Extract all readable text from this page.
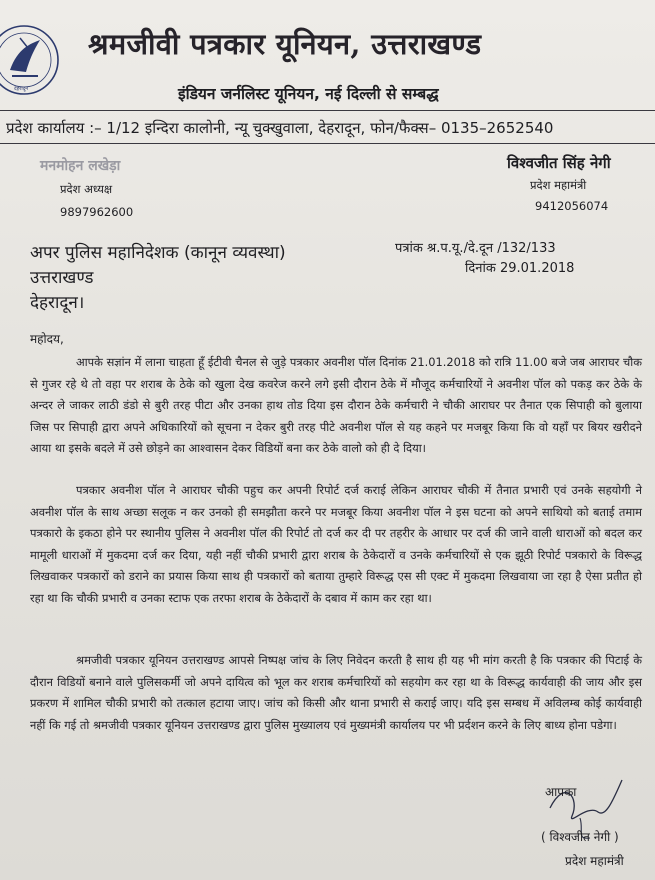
देहरादून
श्रमजीवी पत्रकार यूनियन, उत्तराखण्ड
इंडियन जर्नलिस्ट यूनियन, नई दिल्ली से सम्बद्ध
प्रदेश कार्यालय :– 1/12 इन्दिरा कालोनी, न्यू चुक्खुवाला, देहरादून, फोन/फैक्स– 0135–2652540
मनमोहन लखेड़ा
प्रदेश अध्यक्ष
9897962600
विश्वजीत सिंह नेगी
प्रदेश महामंत्री
9412056074
अपर पुलिस महानिदेशक (कानून व्यवस्था)
उत्तराखण्ड
देहरादून।
पत्रांक श्र.प.यू./दे.दून /132/133
दिनांक 29.01.2018
महोदय,

आपके सज्ञांन में लाना चाहता हूँ ईटीवी चैनल से जुड़े पत्रकार अवनीश पॉल दिनांक 21.01.2018 को रात्रि 11.00 बजे जब आराघर चौक से गुजर रहे थे तो वहा पर शराब के ठेके को खुला देख कवरेज करने लगे इसी दौरान ठेके में मौजूद कर्मचारियों ने अवनीश पॉल को पकड़ कर ठेके के अन्दर ले जाकर लाठी डंडो से बुरी तरह पीटा और उनका हाथ तोड दिया इस दौरान ठेके कर्मचारी ने चौकी आराघर पर तैनात एक सिपाही को बुलाया जिस पर सिपाही द्वारा अपने अधिकारियों को सूचना न देकर बुरी तरह पीटे अवनीश पॉल से यह कहने पर मजबूर किया कि वो यहाँ पर बियर खरीदने आया था इसके बदले में उसे छोड़ने का आश्वासन देकर विडियों बना कर ठेके वालो को ही दे दिया।

पत्रकार अवनीश पॉल ने आराघर चौकी पहुच कर अपनी रिपोर्ट दर्ज कराई लेकिन आराघर चौकी में तैनात प्रभारी एवं उनके सहयोगी ने अवनीश पॉल के साथ अच्छा सलूक न कर उनको ही समझौता करने पर मजबूर किया अवनीश पॉल ने इस घटना को अपने साथियो को बताई तमाम पत्रकारो के इकठा होने पर स्थानीय पुलिस ने अवनीश पॉल की रिपोर्ट तो दर्ज कर दी पर तहरीर के आधार पर दर्ज की जाने वाली धाराओं को बदल कर मामूली धाराओं में मुकदमा दर्ज कर दिया, यही नहीं चौकी प्रभारी द्वारा शराब के ठेकेदारों व उनके कर्मचारियों से एक झूठी रिपोर्ट पत्रकारो के विरूद्ध लिखवाकर पत्रकारों को डराने का प्रयास किया साथ ही पत्रकारों को बताया तुम्हारे विरूद्ध एस सी एक्ट में मुकदमा लिखवाया जा रहा है ऐसा प्रतीत हो रहा था कि चौकी प्रभारी व उनका स्टाफ एक तरफा शराब के ठेकेदारों के दबाव में काम कर रहा था।

श्रमजीवी पत्रकार यूनियन उत्तराखण्ड आपसे निष्पक्ष जांच के लिए निवेदन करती है साथ ही यह भी मांग करती है कि पत्रकार की पिटाई के दौरान विडियों बनाने वाले पुलिसकर्मी जो अपने दायित्व को भूल कर शराब कर्मचारियों को सहयोग कर रहा था के विरूद्ध कार्यवाही की जाय और इस प्रकरण में शामिल चौकी प्रभारी को तत्काल हटाया जाए। जांच को किसी और थाना प्रभारी से कराई जाए। यदि इस सम्बध में अविलम्ब कोई कार्यवाही नहीं कि गई तो श्रमजीवी पत्रकार यूनियन उत्तराखण्ड द्वारा पुलिस मुख्यालय एवं मुख्यमंत्री कार्यालय पर भी प्रर्दशन करने के लिए बाध्य होना पडेगा।

आपका
( विश्वजीत नेगी )
प्रदेश महामंत्री
